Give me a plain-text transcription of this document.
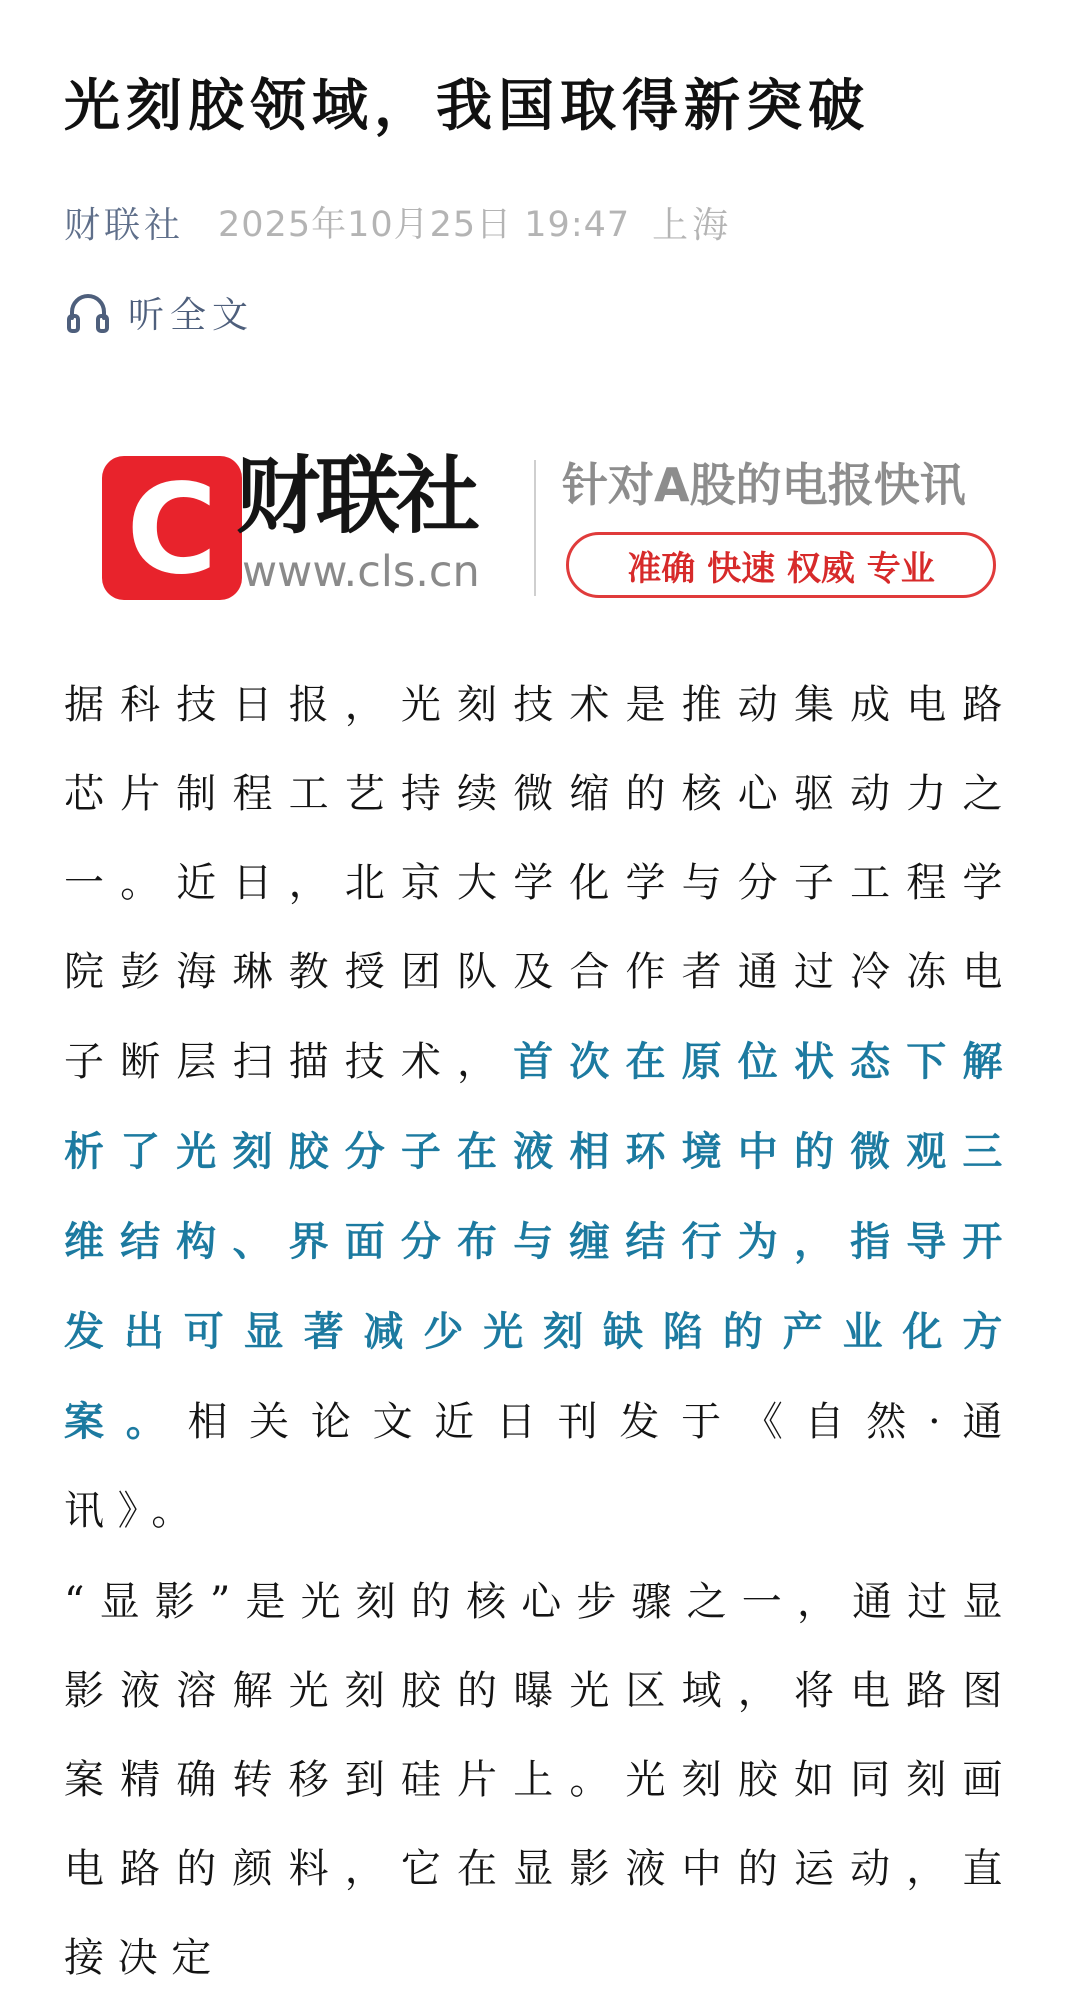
光刻胶领域，我国取得新突破
财联社 2025年10月25日 19:47 上海
听全文
C 财联社
www.cls.cn
针对A股的电报快讯
准确 快速 权威 专业
据科技日报，光刻技术是推动集成电路芯片制程工艺持续微缩的核心驱动力之一。近日，北京大学化学与分子工程学院彭海琳教授团队及合作者通过冷冻电子断层扫描技术，首次在原位状态下解析了光刻胶分子在液相环境中的微观三维结构、界面分布与缠结行为，指导开发出可显著减少光刻缺陷的产业化方案。相关论文近日刊发于《自然·通讯》。
“显影”是光刻的核心步骤之一，通过显影液溶解光刻胶的曝光区域，将电路图案精确转移到硅片上。光刻胶如同刻画电路的颜料，它在显影液中的运动，直接决定
